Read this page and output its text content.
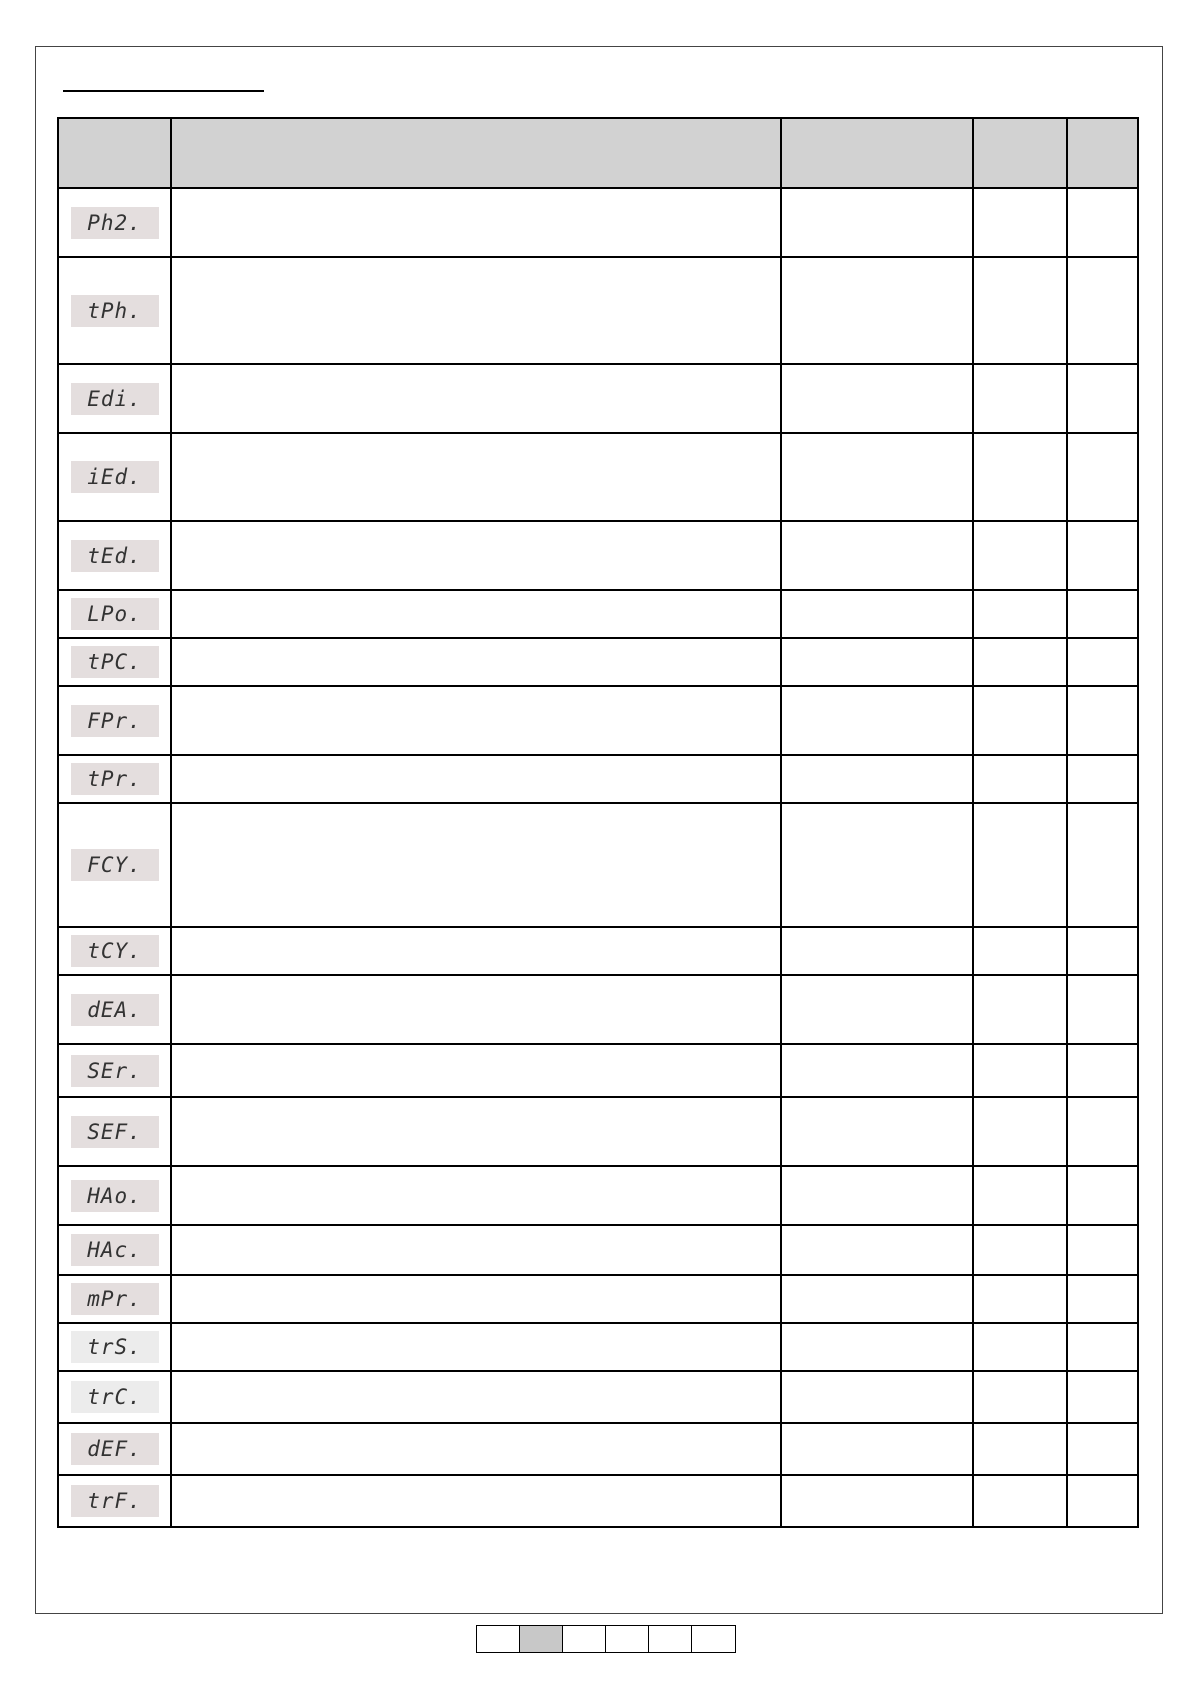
Ph2.				

tPh.				

Edi.				

iEd.				

tEd.				

LPo.				

tPC.				

FPr.				

tPr.				

FCY.				

tCY.				

dEA.				

SEr.				

SEF.				

HAo.				

HAc.				

mPr.				

trS.				

trC.				

dEF.				

trF.				
